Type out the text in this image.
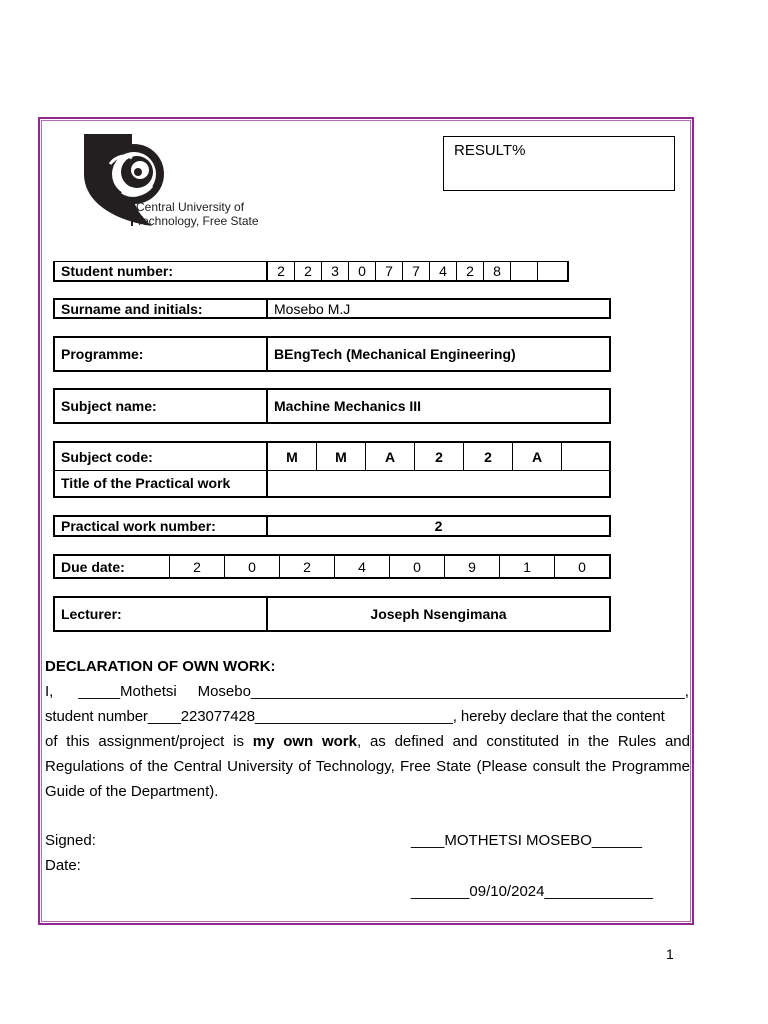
Central University of
Technology, Free State
RESULT%
Student number:	2	2	3	0	7	7	4	2	8
Surname and initials:	Mosebo M.J
Programme:	BEngTech (Mechanical Engineering)
Subject name:	Machine Mechanics III
Subject code:	M	M	A	2	2	A
Title of the Practical work
Practical work number:	2
Due date:	2	0	2	4	0	9	1	0
Lecturer:	Joseph Nsengimana
DECLARATION OF OWN WORK:

I,      _____Mothetsi     Mosebo____________________________________________________,

student number____223077428________________________, hereby declare that the content

of this assignment/project is my own work, as defined and constituted in the Rules and Regulations of the Central University of Technology, Free State (Please consult the Programme Guide of the Department).

Signed:	____MOTHETSI MOSEBO______
Date:
_______09/10/2024_____________
1
